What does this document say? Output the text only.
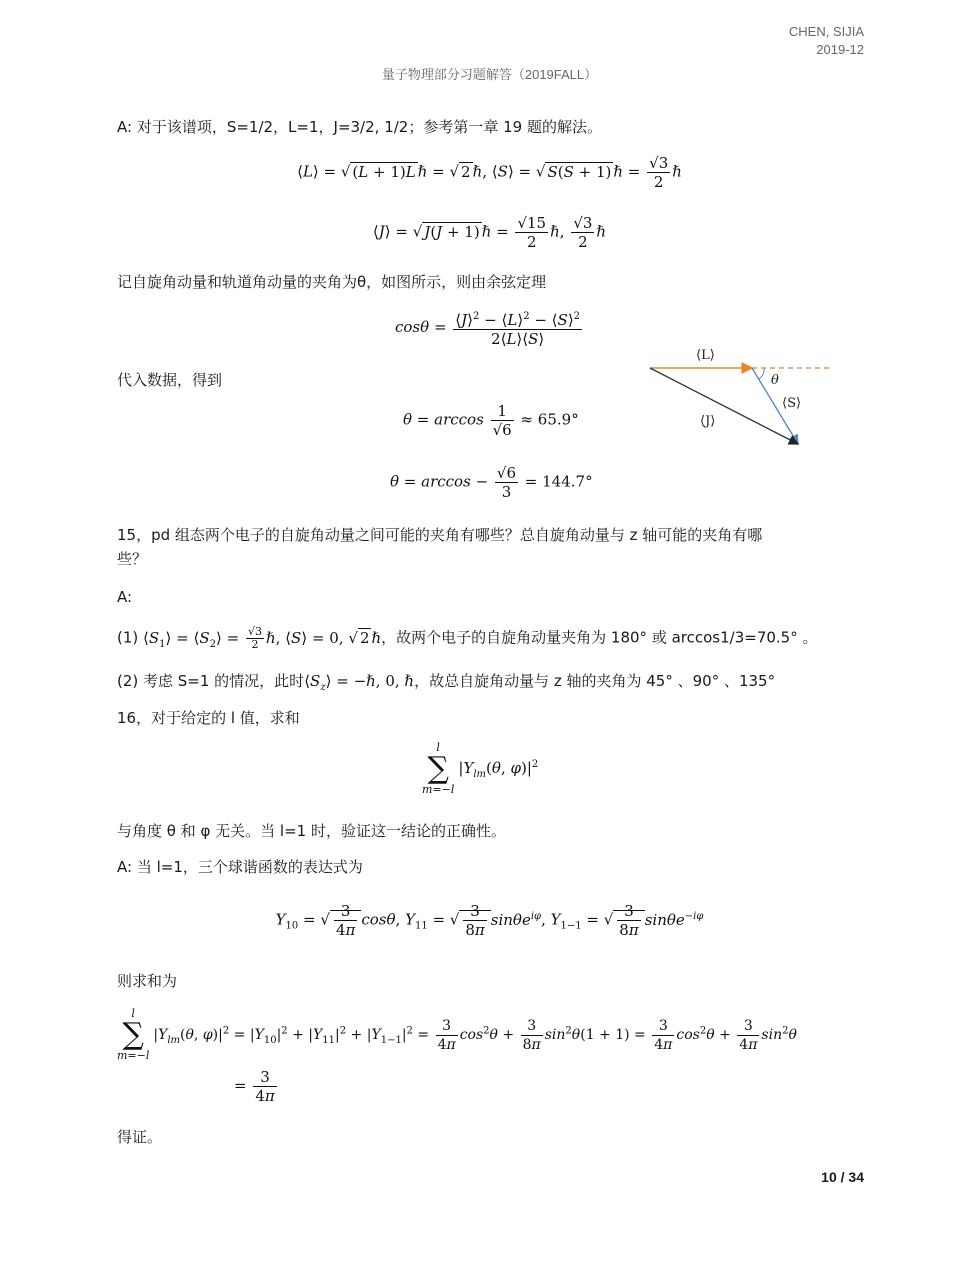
CHEN, SIJIA
2019-12
量子物理部分习题解答（2019FALL）
A: 对于该谱项，S=1/2，L=1，J=3/2, 1/2；参考第一章 19 题的解法。
⟨L⟩ = √ (L + 1)L ℏ = √ 2 ℏ, ⟨S⟩ = √ S(S + 1) ℏ = $\frac{√3}{2}$ ℏ
⟨J⟩ = √ J(J + 1) ℏ = $\frac{√15}{2}$ ℏ, $\frac{√3}{2}$ ℏ
记自旋角动量和轨道角动量的夹角为θ，如图所示，则由余弦定理
$\cos\theta = \frac{⟨J⟩^2 - ⟨L⟩^2 - ⟨S⟩^2}{2⟨L⟩⟨S⟩}$
代入数据，得到
$\theta = \arccos \frac{1}{√6} \approx 65.9^\circ$
$\theta = \arccos - \frac{√6}{3} = 144.7^\circ$
⟨L⟩
θ
⟨S⟩
⟨J⟩
15，pd 组态两个电子的自旋角动量之间可能的夹角有哪些？总自旋角动量与 z 轴可能的夹角有哪
些？
A:
(1) $⟨S_1⟩$ = $⟨S_2⟩ = \frac{√3}{2}$ ℏ, ⟨S⟩ = 0, √ 2 ℏ，故两个电子的自旋角动量夹角为 180° 或 arccos1/3=70.5° 。
(2) 考虑 S=1 的情况，此时$⟨S_z⟩$ = −ℏ, 0, ℏ，故总自旋角动量与 z 轴的夹角为 45° 、90° 、135°
16，对于给定的 l 值，求和
l
∑
m=−l
$|Y_{lm}(\theta$, $\varphi)|^2$
与角度 θ 和 φ 无关。当 l=1 时，验证这一结论的正确性。
A: 当 l=1，三个球谐函数的表达式为
$Y_{10}$ = √ $\frac{3}{4\pi} \cos\theta$, $Y_{11}$ = √ $\frac{3}{8\pi} \sin\theta e^{i\varphi}$, $Y_{1-1}$ = √ $\frac{3}{8\pi} \sin\theta e^{-i\varphi}$
则求和为
l
∑
m=−l
$|Y_{lm}(\theta$, $\varphi)|^2 = |Y_{10}|^2 + |Y_{11}|^2 + |Y_{1-1}|^2 = \frac{3}{4\pi} \cos^2\theta + \frac{3}{8\pi} \sin^2\theta(1 + 1) = \frac{3}{4\pi} \cos^2\theta + \frac{3}{4\pi} \sin^2\theta$
= $\frac{3}{4\pi}$
得证。
10 / 34
